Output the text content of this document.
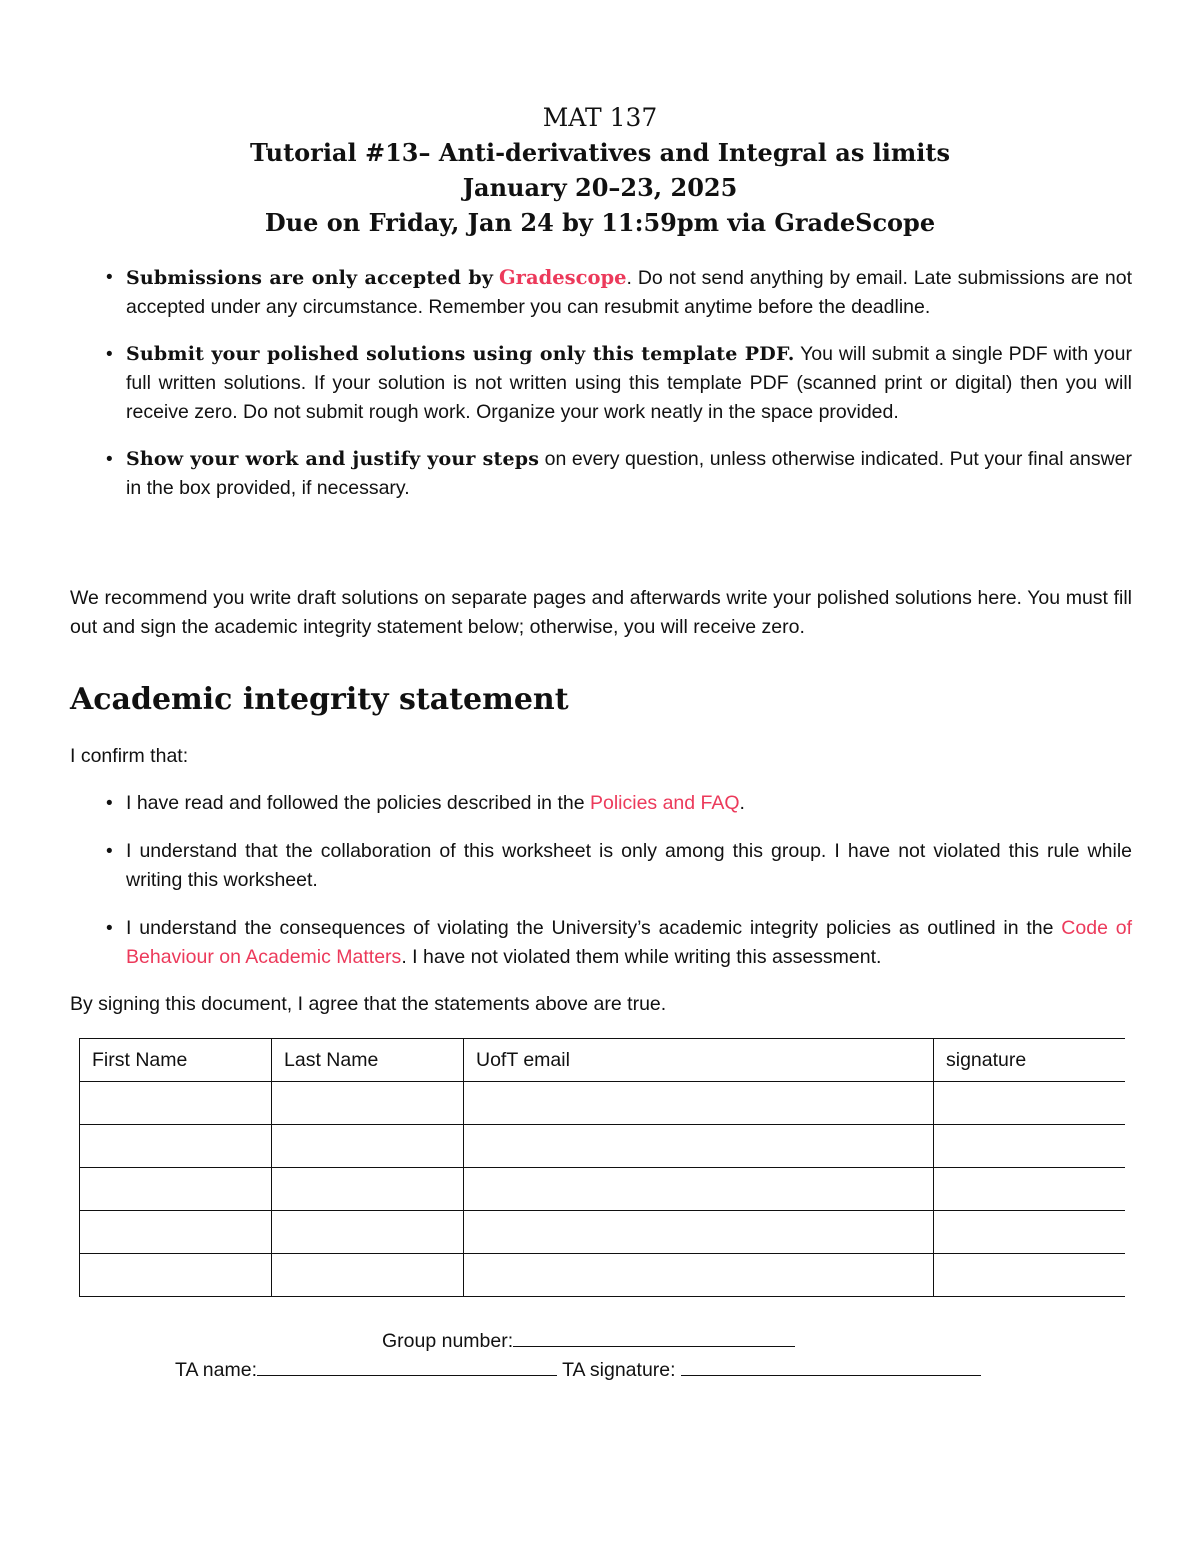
MAT 137
Tutorial #13– Anti-derivatives and Integral as limits
January 20–23, 2025
Due on Friday, Jan 24 by 11:59pm via GradeScope
• Submissions are only accepted by Gradescope. Do not send anything by email. Late submissions are not accepted under any circumstance. Remember you can resubmit anytime before the deadline.
• Submit your polished solutions using only this template PDF. You will submit a single PDF with your full written solutions. If your solution is not written using this template PDF (scanned print or digital) then you will receive zero. Do not submit rough work. Organize your work neatly in the space provided.
• Show your work and justify your steps on every question, unless otherwise indicated. Put your final answer in the box provided, if necessary.
We recommend you write draft solutions on separate pages and afterwards write your polished solutions here. You must fill out and sign the academic integrity statement below; otherwise, you will receive zero.
Academic integrity statement
I confirm that:
• I have read and followed the policies described in the Policies and FAQ.
• I understand that the collaboration of this worksheet is only among this group. I have not violated this rule while writing this worksheet.
• I understand the consequences of violating the University’s academic integrity policies as outlined in the Code of Behaviour on Academic Matters. I have not violated them while writing this assessment.
By signing this document, I agree that the statements above are true.
First Name	Last Name	UofT email	signature

Group number:
TA name:	TA signature:
